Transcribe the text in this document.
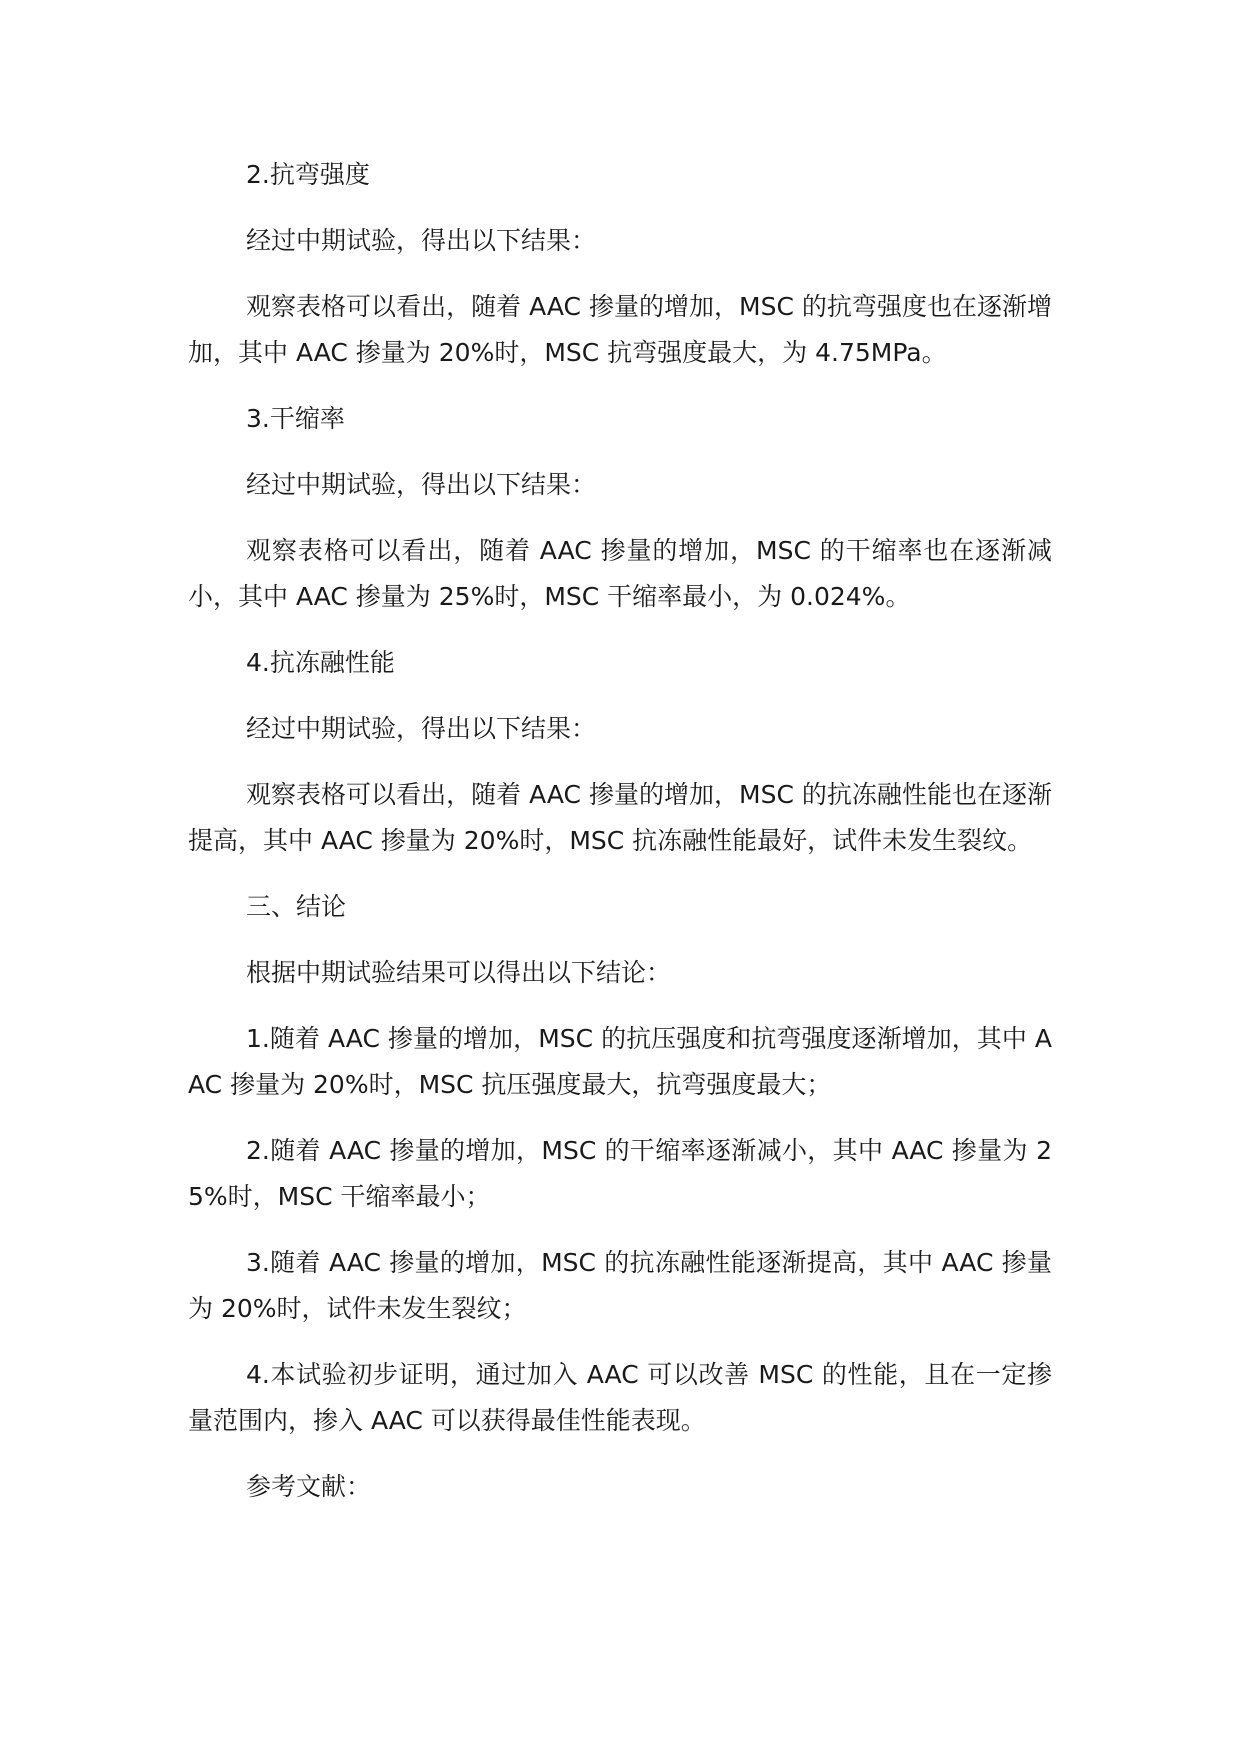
2.抗弯强度

经过中期试验，得出以下结果：

观察表格可以看出，随着 AAC 掺量的增加，MSC 的抗弯强度也在逐渐增加，其中 AAC 掺量为 20%时，MSC 抗弯强度最大，为 4.75MPa。

3.干缩率

经过中期试验，得出以下结果：

观察表格可以看出，随着 AAC 掺量的增加，MSC 的干缩率也在逐渐减小，其中 AAC 掺量为 25%时，MSC 干缩率最小，为 0.024%。

4.抗冻融性能

经过中期试验，得出以下结果：

观察表格可以看出，随着 AAC 掺量的增加，MSC 的抗冻融性能也在逐渐提高，其中 AAC 掺量为 20%时，MSC 抗冻融性能最好，试件未发生裂纹。

三、结论

根据中期试验结果可以得出以下结论：

1.随着 AAC 掺量的增加，MSC 的抗压强度和抗弯强度逐渐增加，其中 AAC 掺量为 20%时，MSC 抗压强度最大，抗弯强度最大；

2.随着 AAC 掺量的增加，MSC 的干缩率逐渐减小，其中 AAC 掺量为 25%时，MSC 干缩率最小；

3.随着 AAC 掺量的增加，MSC 的抗冻融性能逐渐提高，其中 AAC 掺量为 20%时，试件未发生裂纹；

4.本试验初步证明，通过加入 AAC 可以改善 MSC 的性能，且在一定掺量范围内，掺入 AAC 可以获得最佳性能表现。

参考文献：
